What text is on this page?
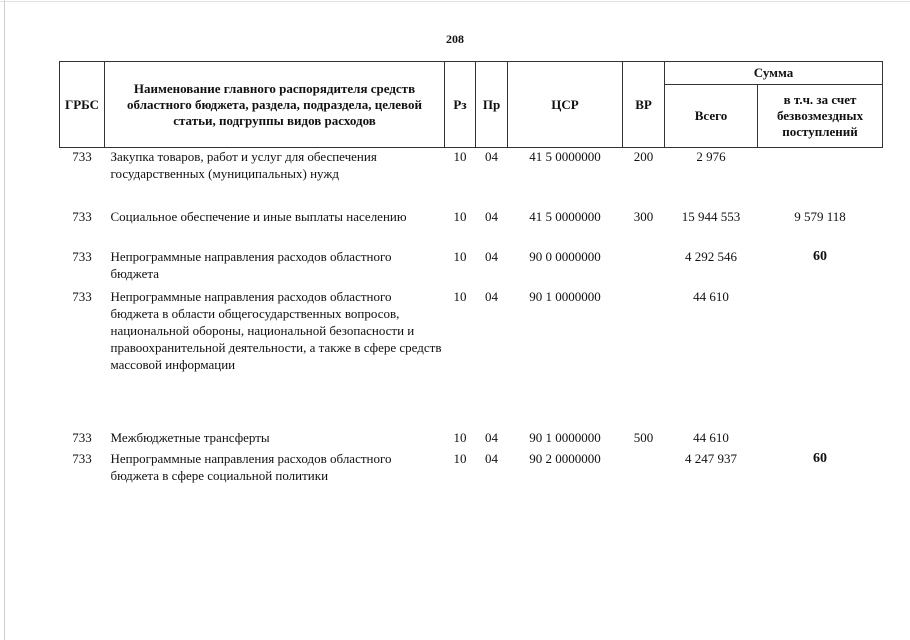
208
ГРБС	Наименование главного распорядителя средств областного бюджета, раздела, подраздела, целевой статьи, подгруппы видов расходов	Рз	Пр	ЦСР	ВР	Сумма	
						Всего	в т.ч. за счет безвозмездных поступлений
733	Закупка товаров, работ и услуг для обеспечения государственных (муниципальных) нужд	10	04	41 5 0000000	200	2 976	
733	Социальное обеспечение и иные выплаты населению	10	04	41 5 0000000	300	15 944 553	9 579 118
733	Непрограммные направления расходов областного бюджета	10	04	90 0 0000000		4 292 546	60
733	Непрограммные направления расходов областного бюджета в области общегосударственных вопросов, национальной обороны, национальной безопасности и правоохранительной деятельности, а также в сфере средств массовой информации	10	04	90 1 0000000		44 610	
733	Межбюджетные трансферты	10	04	90 1 0000000	500	44 610	
733	Непрограммные направления расходов областного бюджета в сфере социальной политики	10	04	90 2 0000000		4 247 937	60
